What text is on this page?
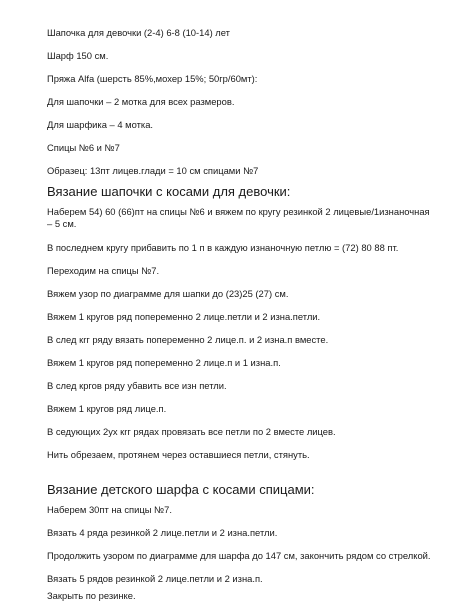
Шапочка для девочки (2-4) 6-8 (10-14) лет
Шарф 150 см.
Пряжа Alfa (шерсть 85%,мохер 15%; 50гр/60мт):
Для шапочки – 2 мотка для всех размеров.
Для шарфика – 4 мотка.
Спицы №6 и №7
Образец: 13пт лицев.глади = 10 см спицами №7
Вязание шапочки с косами для девочки:
Наберем 54) 60 (66)пт на спицы №6 и вяжем по кругу резинкой 2 лицевые/1изнаночная – 5 см.
В последнем кругу прибавить по 1 п в каждую изнаночную петлю = (72) 80 88 пт.
Переходим на спицы №7.
Вяжем узор по диаграмме для шапки до (23)25 (27) см.
Вяжем 1 кругов ряд попеременно 2 лице.петли и 2 изна.петли.
В след кrг ряду вязать попеременно 2 лице.п. и 2 изна.п вместе.
Вяжем 1 кругов ряд попеременно 2 лице.п и 1 изна.п.
В след кргов ряду убавить все изн петли.
Вяжем 1 кругов ряд лице.п.
В седующих 2ух кrг рядах провязать все петли по 2 вместе лицев.
Нить обрезаем, протянем через оставшиеся петли, стянуть.
Вязание детского шарфа с косами спицами:
Наберем 30пт на спицы №7.
Вязать 4 ряда резинкой 2 лице.петли и 2 изна.петли.
Продолжить узором по диаграмме для шарфа до 147 см, закончить рядом со стрелкой.
Вязать 5 рядов резинкой 2 лице.петли и 2 изна.п.
Закрыть по резинке.
